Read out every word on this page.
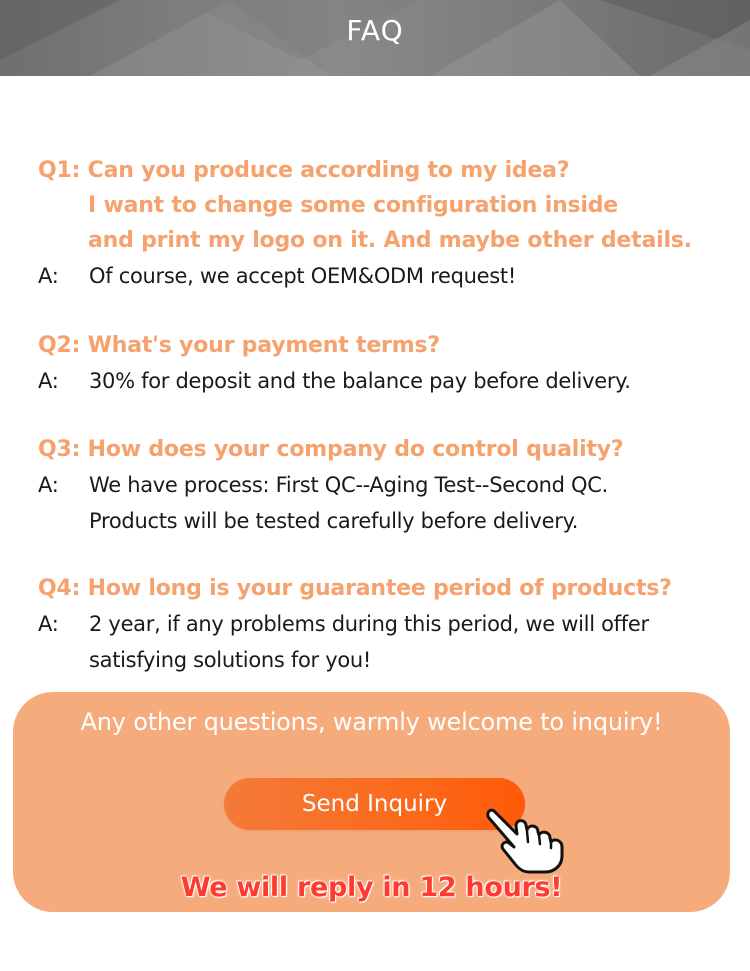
FAQ
Q1: Can you produce according to my idea?
I want to change some configuration inside
and print my logo on it. And maybe other details.
A: Of course, we accept OEM&ODM request!
Q2: What's your payment terms?
A: 30% for deposit and the balance pay before delivery.
Q3: How does your company do control quality?
A: We have process: First QC--Aging Test--Second QC.
Products will be tested carefully before delivery.
Q4: How long is your guarantee period of products?
A: 2 year, if any problems during this period, we will offer
satisfying solutions for you!
Any other questions, warmly welcome to inquiry!
Send Inquiry
We will reply in 12 hours!
